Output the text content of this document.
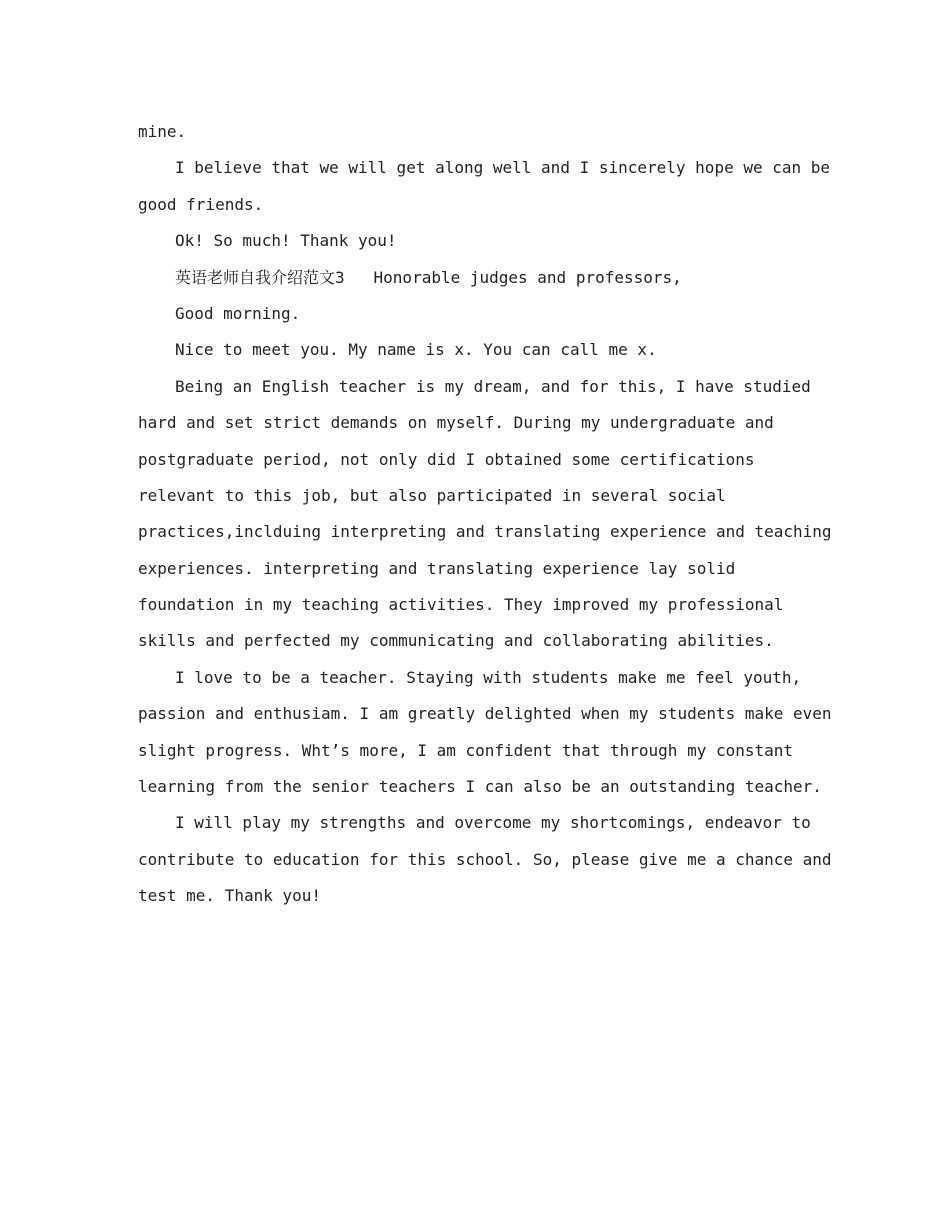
mine.
I believe that we will get along well and I sincerely hope we can be
good friends.
Ok! So much! Thank you!
英语老师自我介绍范文3   Honorable judges and professors,
Good morning.
Nice to meet you. My name is x. You can call me x.
Being an English teacher is my dream, and for this, I have studied
hard and set strict demands on myself. During my undergraduate and
postgraduate period, not only did I obtained some certifications
relevant to this job, but also participated in several social
practices,inclduing interpreting and translating experience and teaching
experiences. interpreting and translating experience lay solid
foundation in my teaching activities. They improved my professional
skills and perfected my communicating and collaborating abilities.
I love to be a teacher. Staying with students make me feel youth,
passion and enthusiam. I am greatly delighted when my students make even
slight progress. Wht’s more, I am confident that through my constant
learning from the senior teachers I can also be an outstanding teacher.
I will play my strengths and overcome my shortcomings, endeavor to
contribute to education for this school. So, please give me a chance and
test me. Thank you!
